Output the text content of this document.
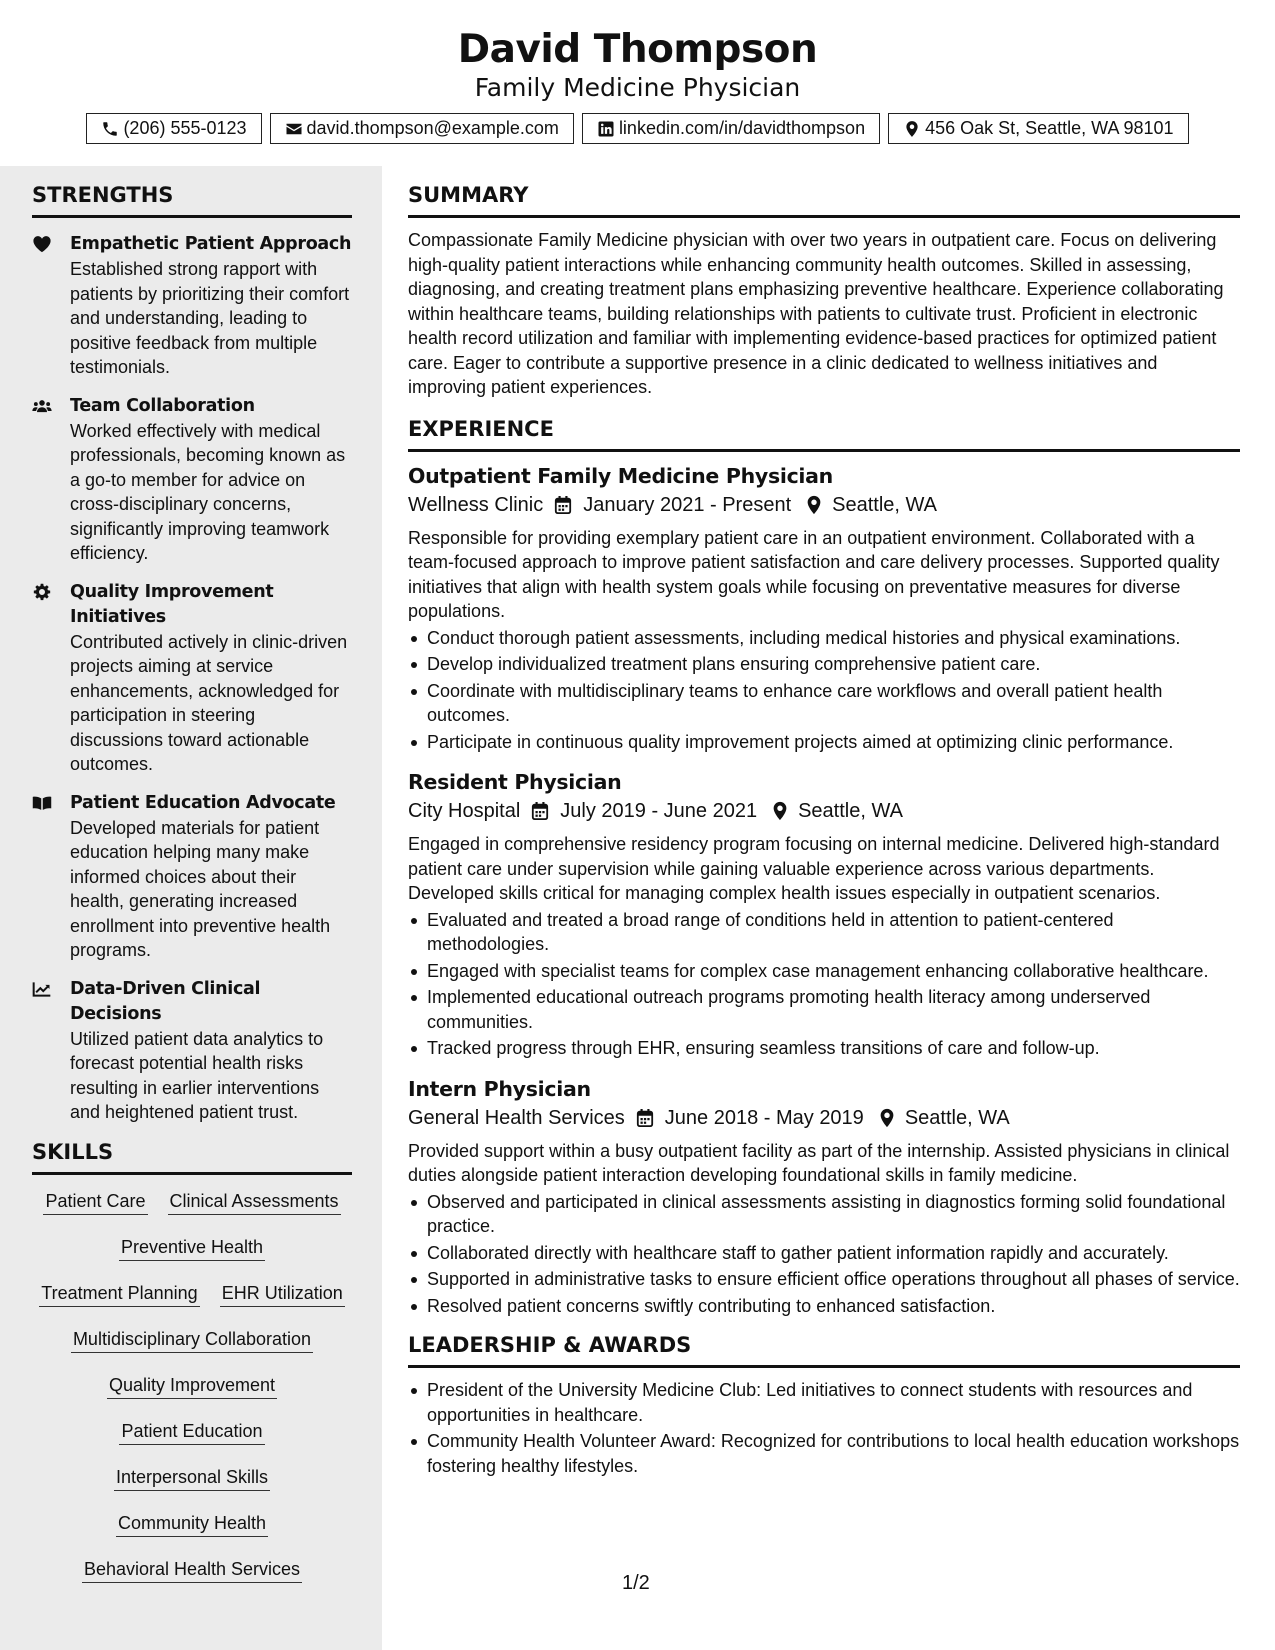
David Thompson
Family Medicine Physician
(206) 555-0123	david.thompson@example.com	linkedin.com/in/davidthompson	456 Oak St, Seattle, WA 98101
STRENGTHS
Empathetic Patient Approach
Established strong rapport with patients by prioritizing their comfort and understanding, leading to positive feedback from multiple testimonials.
Team Collaboration
Worked effectively with medical professionals, becoming known as a go-to member for advice on cross-disciplinary concerns, significantly improving teamwork efficiency.
Quality Improvement Initiatives
Contributed actively in clinic-driven projects aiming at service enhancements, acknowledged for participation in steering discussions toward actionable outcomes.
Patient Education Advocate
Developed materials for patient education helping many make informed choices about their health, generating increased enrollment into preventive health programs.
Data-Driven Clinical Decisions
Utilized patient data analytics to forecast potential health risks resulting in earlier interventions and heightened patient trust.
SKILLS
Patient Care Clinical Assessments
Preventive Health
Treatment Planning EHR Utilization
Multidisciplinary Collaboration
Quality Improvement
Patient Education
Interpersonal Skills
Community Health
Behavioral Health Services
SUMMARY
Compassionate Family Medicine physician with over two years in outpatient care. Focus on delivering high-quality patient interactions while enhancing community health outcomes. Skilled in assessing, diagnosing, and creating treatment plans emphasizing preventive healthcare. Experience collaborating within healthcare teams, building relationships with patients to cultivate trust. Proficient in electronic health record utilization and familiar with implementing evidence-based practices for optimized patient care. Eager to contribute a supportive presence in a clinic dedicated to wellness initiatives and improving patient experiences.
EXPERIENCE
Outpatient Family Medicine Physician
Wellness Clinic January 2021 - Present Seattle, WA
Responsible for providing exemplary patient care in an outpatient environment. Collaborated with a team-focused approach to improve patient satisfaction and care delivery processes. Supported quality initiatives that align with health system goals while focusing on preventative measures for diverse populations.
Conduct thorough patient assessments, including medical histories and physical examinations.
Develop individualized treatment plans ensuring comprehensive patient care.
Coordinate with multidisciplinary teams to enhance care workflows and overall patient health outcomes.
Participate in continuous quality improvement projects aimed at optimizing clinic performance.
Resident Physician
City Hospital July 2019 - June 2021 Seattle, WA
Engaged in comprehensive residency program focusing on internal medicine. Delivered high-standard patient care under supervision while gaining valuable experience across various departments. Developed skills critical for managing complex health issues especially in outpatient scenarios.
Evaluated and treated a broad range of conditions held in attention to patient-centered methodologies.
Engaged with specialist teams for complex case management enhancing collaborative healthcare.
Implemented educational outreach programs promoting health literacy among underserved communities.
Tracked progress through EHR, ensuring seamless transitions of care and follow-up.
Intern Physician
General Health Services June 2018 - May 2019 Seattle, WA
Provided support within a busy outpatient facility as part of the internship. Assisted physicians in clinical duties alongside patient interaction developing foundational skills in family medicine.
Observed and participated in clinical assessments assisting in diagnostics forming solid foundational practice.
Collaborated directly with healthcare staff to gather patient information rapidly and accurately.
Supported in administrative tasks to ensure efficient office operations throughout all phases of service.
Resolved patient concerns swiftly contributing to enhanced satisfaction.
LEADERSHIP & AWARDS
President of the University Medicine Club: Led initiatives to connect students with resources and opportunities in healthcare.
Community Health Volunteer Award: Recognized for contributions to local health education workshops fostering healthy lifestyles.
1/2
